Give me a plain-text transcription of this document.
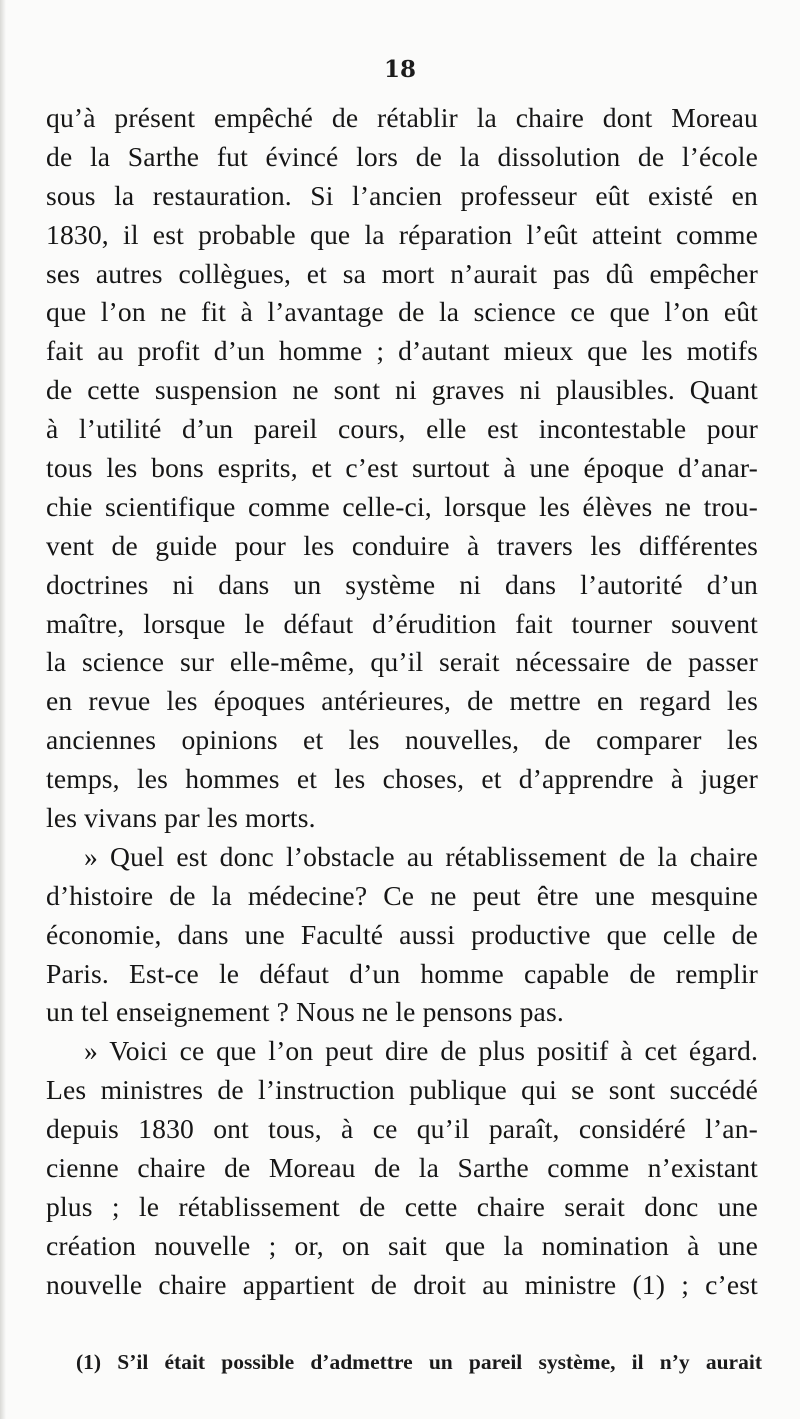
18
qu’à présent empêché de rétablir la chaire dont Moreau
de la Sarthe fut évincé lors de la dissolution de l’école
sous la restauration. Si l’ancien professeur eût existé en
1830, il est probable que la réparation l’eût atteint comme
ses autres collègues, et sa mort n’aurait pas dû empêcher
que l’on ne fit à l’avantage de la science ce que l’on eût
fait au profit d’un homme ; d’autant mieux que les motifs
de cette suspension ne sont ni graves ni plausibles. Quant
à l’utilité d’un pareil cours, elle est incontestable pour
tous les bons esprits, et c’est surtout à une époque d’anar-
chie scientifique comme celle-ci, lorsque les élèves ne trou-
vent de guide pour les conduire à travers les différentes
doctrines ni dans un système ni dans l’autorité d’un
maître, lorsque le défaut d’érudition fait tourner souvent
la science sur elle-même, qu’il serait nécessaire de passer
en revue les époques antérieures, de mettre en regard les
anciennes opinions et les nouvelles, de comparer les
temps, les hommes et les choses, et d’apprendre à juger
les vivans par les morts.
» Quel est donc l’obstacle au rétablissement de la chaire
d’histoire de la médecine? Ce ne peut être une mesquine
économie, dans une Faculté aussi productive que celle de
Paris. Est-ce le défaut d’un homme capable de remplir
un tel enseignement ? Nous ne le pensons pas.
» Voici ce que l’on peut dire de plus positif à cet égard.
Les ministres de l’instruction publique qui se sont succédé
depuis 1830 ont tous, à ce qu’il paraît, considéré l’an-
cienne chaire de Moreau de la Sarthe comme n’existant
plus ; le rétablissement de cette chaire serait donc une
création nouvelle ; or, on sait que la nomination à une
nouvelle chaire appartient de droit au ministre (1) ; c’est
(1) S’il était possible d’admettre un pareil système, il n’y aurait
